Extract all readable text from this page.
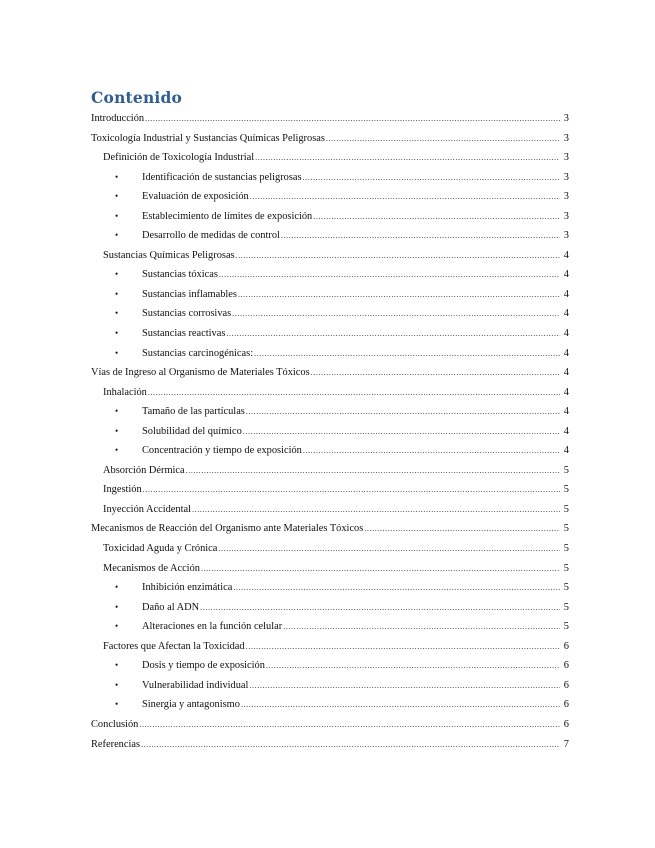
Contenido
Introducción .....	3
Toxicología Industrial y Sustancias Químicas Peligrosas .....	3
Definición de Toxicología Industrial .....	3
• Identificación de sustancias peligrosas .....	3
• Evaluación de exposición .....	3
• Establecimiento de límites de exposición .....	3
• Desarrollo de medidas de control .....	3
Sustancias Químicas Peligrosas .....	4
• Sustancias tóxicas .....	4
• Sustancias inflamables .....	4
• Sustancias corrosivas .....	4
• Sustancias reactivas .....	4
• Sustancias carcinogénicas: .....	4
Vías de Ingreso al Organismo de Materiales Tóxicos .....	4
Inhalación .....	4
• Tamaño de las partículas .....	4
• Solubilidad del químico .....	4
• Concentración y tiempo de exposición .....	4
Absorción Dérmica .....	5
Ingestión .....	5
Inyección Accidental .....	5
Mecanismos de Reacción del Organismo ante Materiales Tóxicos .....	5
Toxicidad Aguda y Crónica .....	5
Mecanismos de Acción .....	5
• Inhibición enzimática .....	5
• Daño al ADN .....	5
• Alteraciones en la función celular .....	5
Factores que Afectan la Toxicidad .....	6
• Dosis y tiempo de exposición .....	6
• Vulnerabilidad individual .....	6
• Sinergia y antagonismo .....	6
Conclusión .....	6
Referencias .....	7
